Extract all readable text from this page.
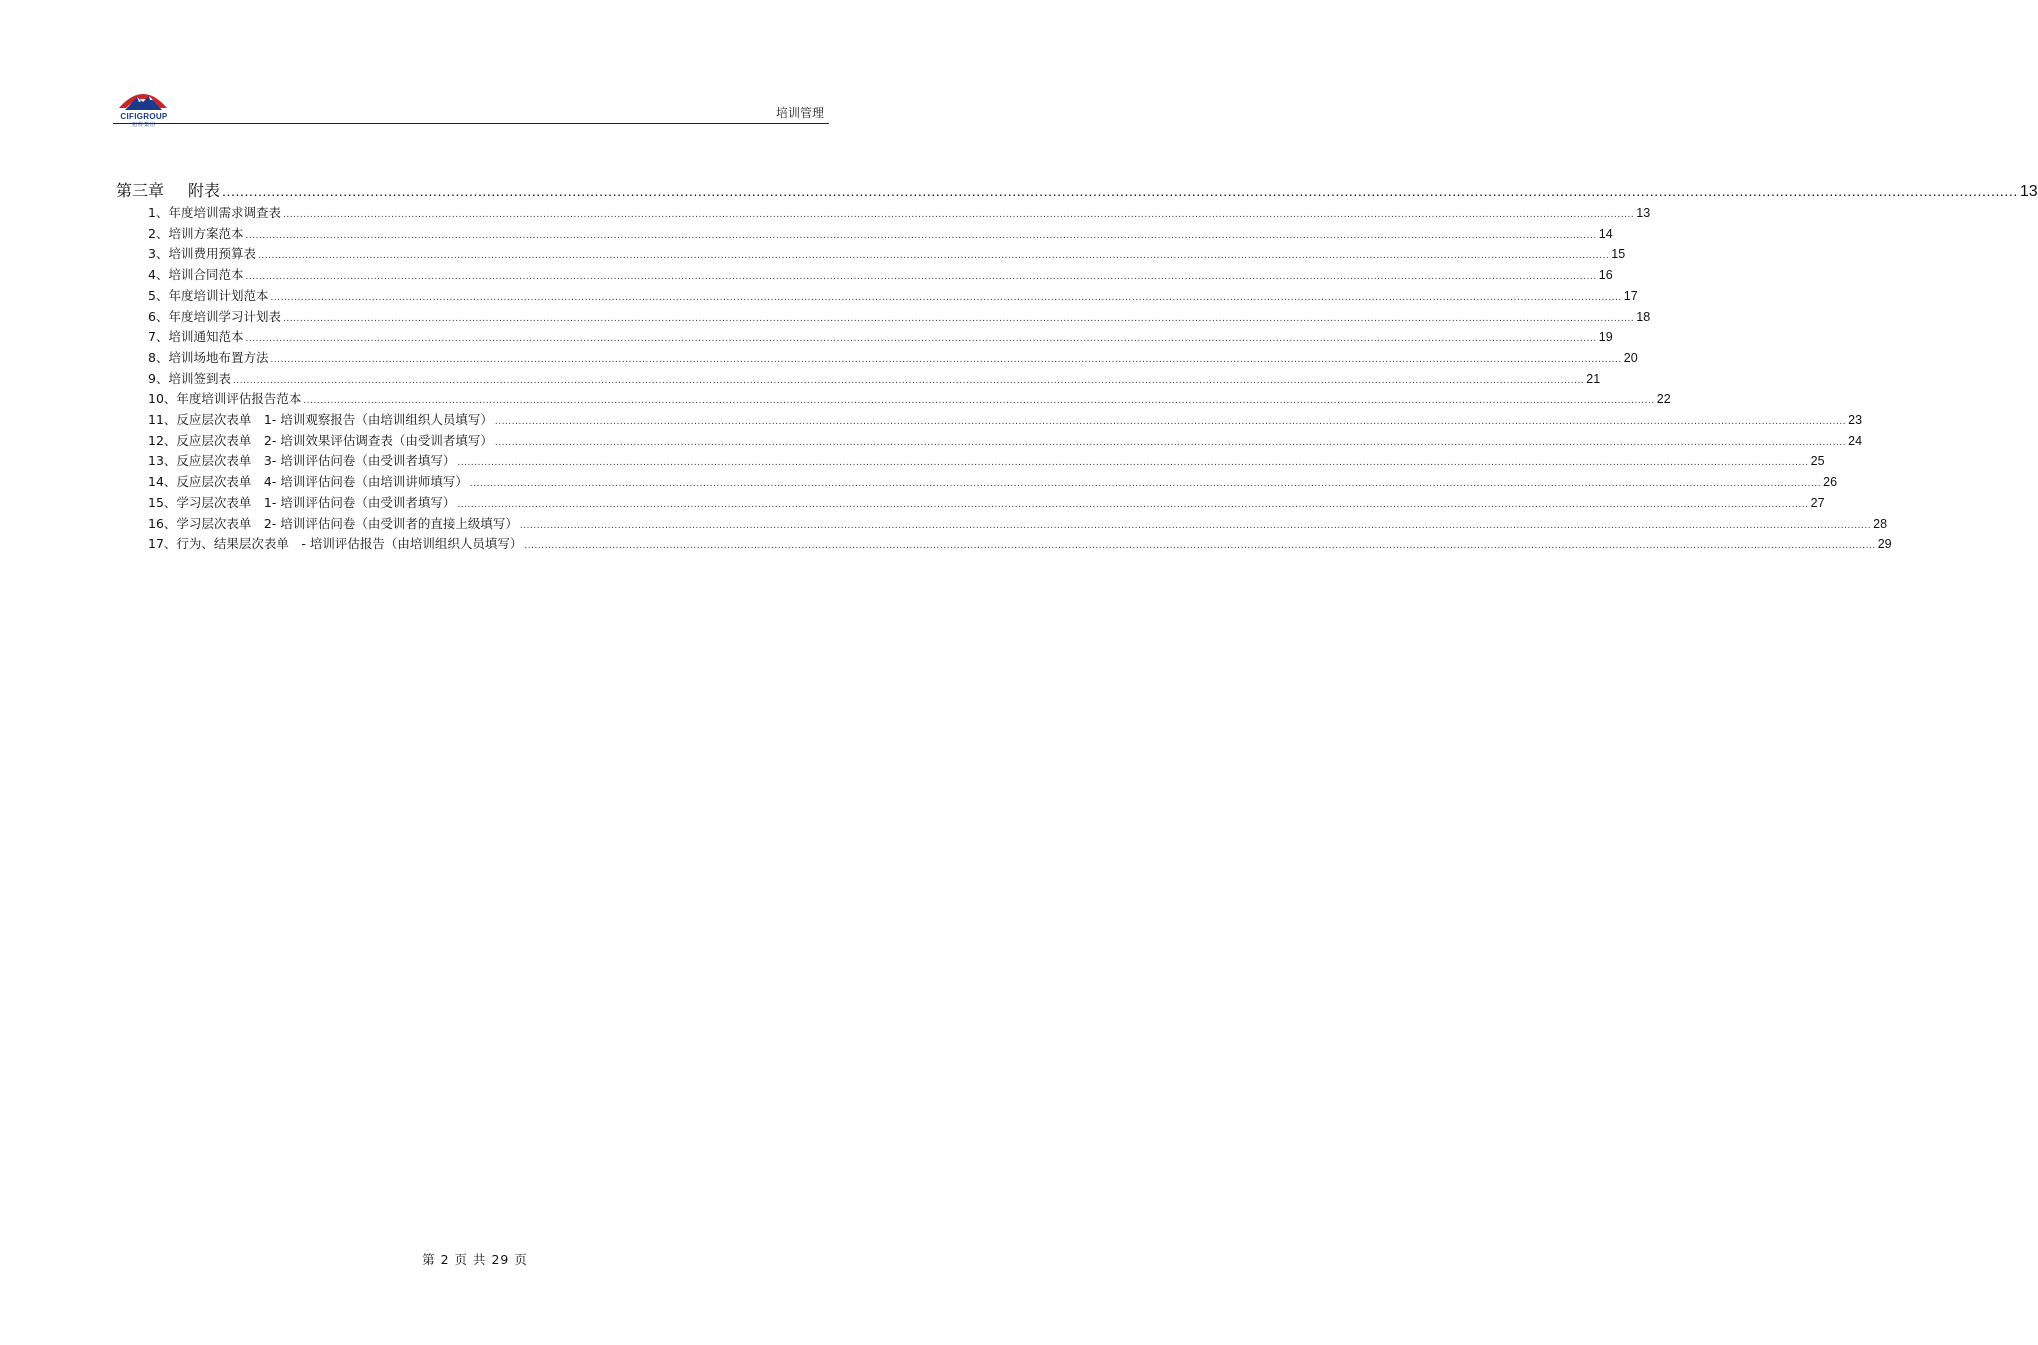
CIFIGROUP
旭辉集团
培训管理
第三章 附表 ................................................................................................................................................................................................................................................................................................................................................................................................................ 13
1、年度培训需求调查表 ................................................................................................................................................................................................................................................................................................................................................................................................................ 13
2、培训方案范本 ................................................................................................................................................................................................................................................................................................................................................................................................................ 14
3、培训费用预算表 ................................................................................................................................................................................................................................................................................................................................................................................................................ 15
4、培训合同范本 ................................................................................................................................................................................................................................................................................................................................................................................................................ 16
5、年度培训计划范本 ................................................................................................................................................................................................................................................................................................................................................................................................................ 17
6、年度培训学习计划表 ................................................................................................................................................................................................................................................................................................................................................................................................................ 18
7、培训通知范本 ................................................................................................................................................................................................................................................................................................................................................................................................................ 19
8、培训场地布置方法 ................................................................................................................................................................................................................................................................................................................................................................................................................ 20
9、培训签到表 ................................................................................................................................................................................................................................................................................................................................................................................................................ 21
10、年度培训评估报告范本 ................................................................................................................................................................................................................................................................................................................................................................................................................ 22
11、反应层次表单　1- 培训观察报告（由培训组织人员填写） ................................................................................................................................................................................................................................................................................................................................................................................................................ 23
12、反应层次表单　2- 培训效果评估调查表（由受训者填写） ................................................................................................................................................................................................................................................................................................................................................................................................................ 24
13、反应层次表单　3- 培训评估问卷（由受训者填写） ................................................................................................................................................................................................................................................................................................................................................................................................................ 25
14、反应层次表单　4- 培训评估问卷（由培训讲师填写） ................................................................................................................................................................................................................................................................................................................................................................................................................ 26
15、学习层次表单　1- 培训评估问卷（由受训者填写） ................................................................................................................................................................................................................................................................................................................................................................................................................ 27
16、学习层次表单　2- 培训评估问卷（由受训者的直接上级填写） ................................................................................................................................................................................................................................................................................................................................................................................................................ 28
17、行为、结果层次表单　- 培训评估报告（由培训组织人员填写） ................................................................................................................................................................................................................................................................................................................................................................................................................ 29
第 2 页 共 29 页
